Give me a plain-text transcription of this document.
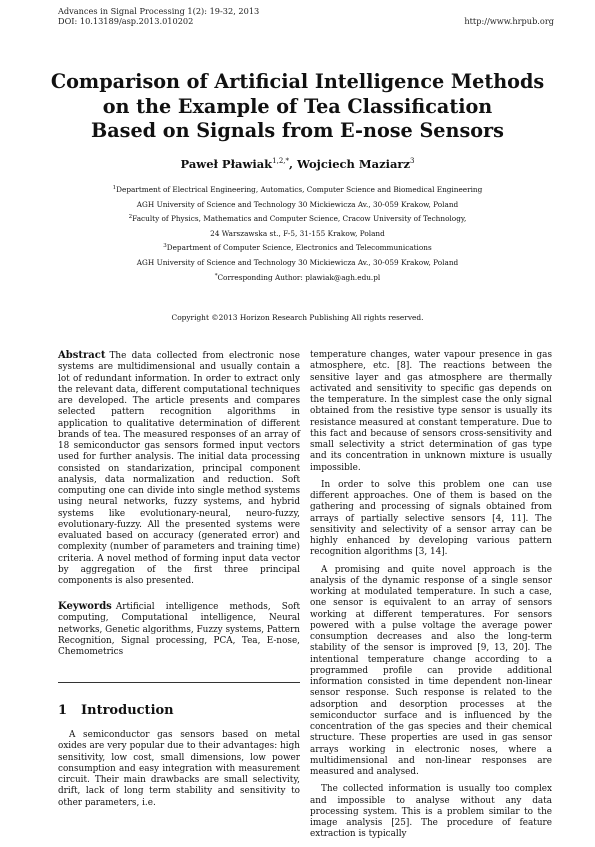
Advances in Signal Processing 1(2): 19-32, 2013
DOI: 10.13189/asp.2013.010202	http://www.hrpub.org
Comparison of Artificial Intelligence Methods
on the Example of Tea Classification
Based on Signals from E-nose Sensors
Paweł Pławiak$^{1,2,*}$, Wojciech Maziarz$^3$
$^1$Department of Electrical Engineering, Automatics, Computer Science and Biomedical Engineering
AGH University of Science and Technology 30 Mickiewicza Av., 30-059 Krakow, Poland
$^2$Faculty of Physics, Mathematics and Computer Science, Cracow University of Technology,
24 Warszawska st., F-5, 31-155 Krakow, Poland
$^3$Department of Computer Science, Electronics and Telecommunications
AGH University of Science and Technology 30 Mickiewicza Av., 30-059 Krakow, Poland
*Corresponding Author: plawiak@agh.edu.pl
Copyright ©2013 Horizon Research Publishing All rights reserved.
Abstract The data collected from electronic nose systems are multidimensional and usually contain a lot of redundant information. In order to extract only the relevant data, different computational techniques are developed. The article presents and compares selected pattern recognition algorithms in application to qualitative determination of different brands of tea. The measured responses of an array of 18 semiconductor gas sensors formed input vectors used for further analysis. The initial data processing consisted on standarization, principal component analysis, data normalization and reduction. Soft computing one can divide into single method systems using neural networks, fuzzy systems, and hybrid systems like evolutionary-neural, neuro-fuzzy, evolutionary-fuzzy. All the presented systems were evaluated based on accuracy (generated error) and complexity (number of parameters and training time) criteria. A novel method of forming input data vector by aggregation of the first three principal components is also presented.
Keywords Artificial intelligence methods, Soft computing, Computational intelligence, Neural networks, Genetic algorithms, Fuzzy systems, Pattern Recognition, Signal processing, PCA, Tea, E-nose, Chemometrics
1 Introduction
A semiconductor gas sensors based on metal oxides are very popular due to their advantages: high sensitivity, low cost, small dimensions, low power consumption and easy integration with measurement circuit. Their main drawbacks are small selectivity, drift, lack of long term stability and sensitivity to other parameters, i.e.
temperature changes, water vapour presence in gas atmosphere, etc. [8]. The reactions between the sensitive layer and gas atmosphere are thermally activated and sensitivity to specific gas depends on the temperature. In the simplest case the only signal obtained from the resistive type sensor is usually its resistance measured at constant temperature. Due to this fact and because of sensors cross-sensitivity and small selectivity a strict determination of gas type and its concentration in unknown mixture is usually impossible.
In order to solve this problem one can use different approaches. One of them is based on the gathering and processing of signals obtained from arrays of partially selective sensors [4, 11]. The sensitivity and selectivity of a sensor array can be highly enhanced by developing various pattern recognition algorithms [3, 14].
A promising and quite novel approach is the analysis of the dynamic response of a single sensor working at modulated temperature. In such a case, one sensor is equivalent to an array of sensors working at different temperatures. For sensors powered with a pulse voltage the average power consumption decreases and also the long-term stability of the sensor is improved [9, 13, 20]. The intentional temperature change according to a programmed profile can provide additional information consisted in time dependent non-linear sensor response. Such response is related to the adsorption and desorption processes at the semiconductor surface and is influenced by the concentration of the gas species and their chemical structure. These properties are used in gas sensor arrays working in electronic noses, where a multidimensional and non-linear responses are measured and analysed.
The collected information is usually too complex and impossible to analyse without any data processing system. This is a problem similar to the image analysis [25]. The procedure of feature extraction is typically
